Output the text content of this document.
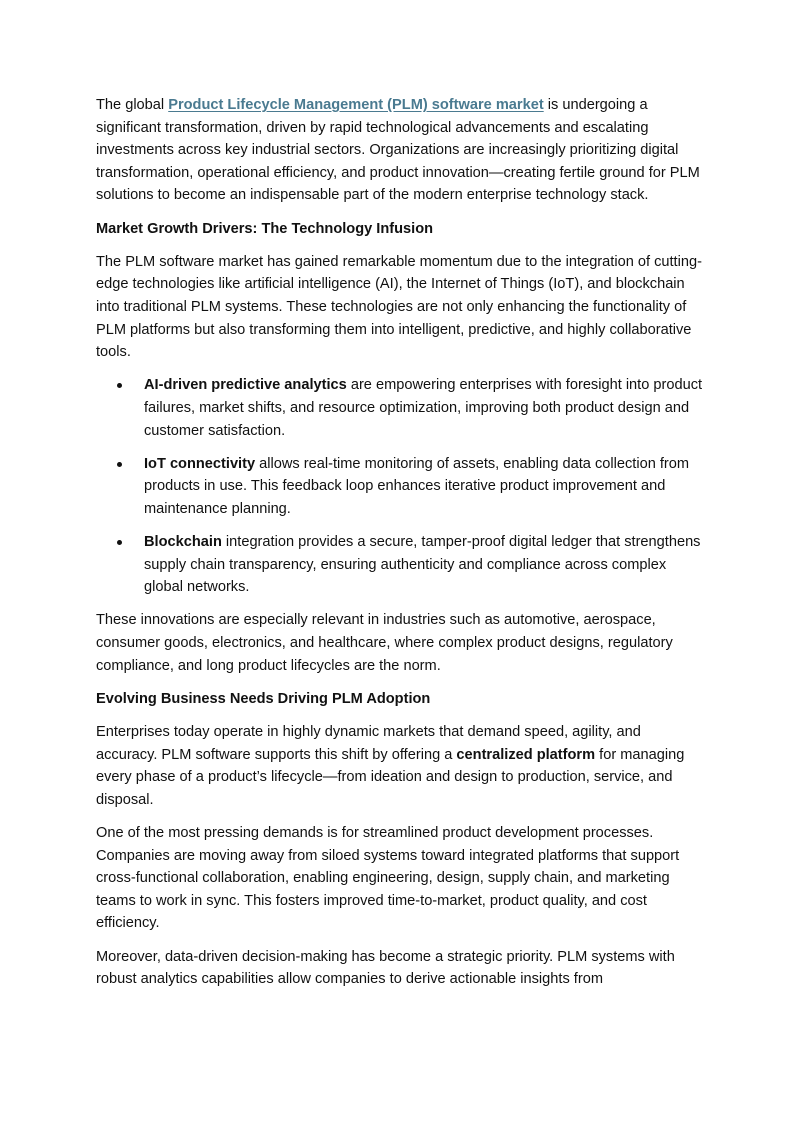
The global Product Lifecycle Management (PLM) software market is undergoing a significant transformation, driven by rapid technological advancements and escalating investments across key industrial sectors. Organizations are increasingly prioritizing digital transformation, operational efficiency, and product innovation—creating fertile ground for PLM solutions to become an indispensable part of the modern enterprise technology stack.

Market Growth Drivers: The Technology Infusion

The PLM software market has gained remarkable momentum due to the integration of cutting-edge technologies like artificial intelligence (AI), the Internet of Things (IoT), and blockchain into traditional PLM systems. These technologies are not only enhancing the functionality of PLM platforms but also transforming them into intelligent, predictive, and highly collaborative tools.

AI-driven predictive analytics are empowering enterprises with foresight into product failures, market shifts, and resource optimization, improving both product design and customer satisfaction.
IoT connectivity allows real-time monitoring of assets, enabling data collection from products in use. This feedback loop enhances iterative product improvement and maintenance planning.
Blockchain integration provides a secure, tamper-proof digital ledger that strengthens supply chain transparency, ensuring authenticity and compliance across complex global networks.

These innovations are especially relevant in industries such as automotive, aerospace, consumer goods, electronics, and healthcare, where complex product designs, regulatory compliance, and long product lifecycles are the norm.

Evolving Business Needs Driving PLM Adoption

Enterprises today operate in highly dynamic markets that demand speed, agility, and accuracy. PLM software supports this shift by offering a centralized platform for managing every phase of a product’s lifecycle—from ideation and design to production, service, and disposal.

One of the most pressing demands is for streamlined product development processes. Companies are moving away from siloed systems toward integrated platforms that support cross-functional collaboration, enabling engineering, design, supply chain, and marketing teams to work in sync. This fosters improved time-to-market, product quality, and cost efficiency.

Moreover, data-driven decision-making has become a strategic priority. PLM systems with robust analytics capabilities allow companies to derive actionable insights from
